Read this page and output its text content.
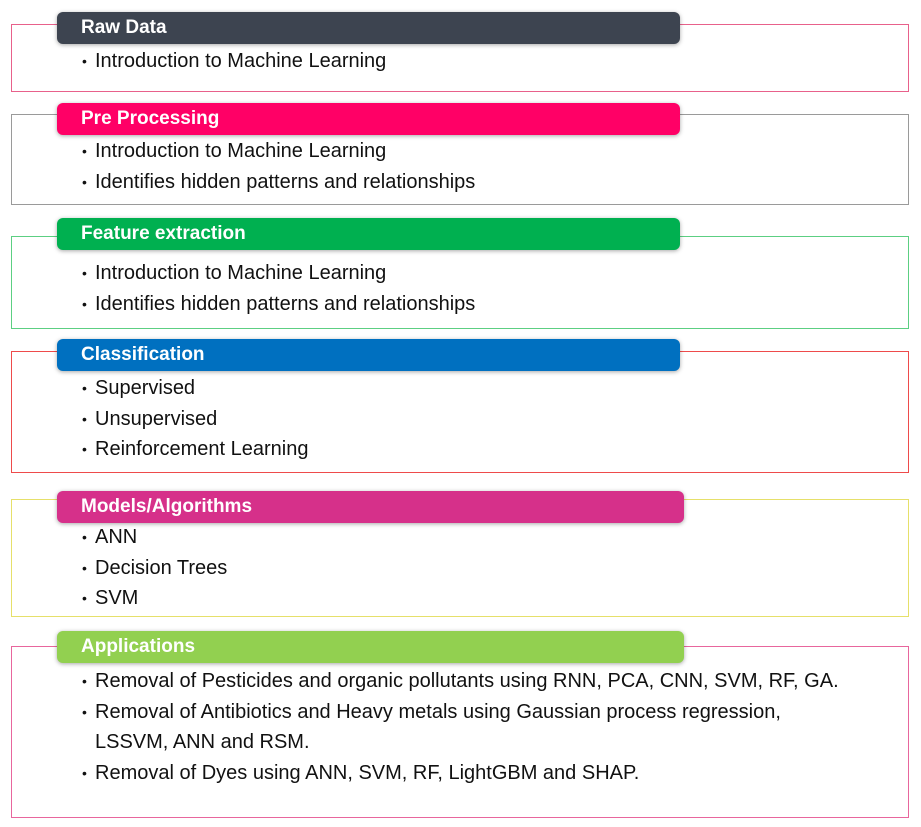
Raw Data
• Introduction to Machine Learning
Pre Processing
• Introduction to Machine Learning
• Identifies hidden patterns and relationships
Feature extraction
• Introduction to Machine Learning
• Identifies hidden patterns and relationships
Classification
• Supervised
• Unsupervised
• Reinforcement Learning
Models/Algorithms
• ANN
• Decision Trees
• SVM
Applications
• Removal of Pesticides and organic pollutants using RNN, PCA, CNN, SVM, RF, GA.
• Removal of Antibiotics and Heavy metals using Gaussian process regression, LSSVM, ANN and RSM.
• Removal of Dyes using ANN, SVM, RF, LightGBM and SHAP.
